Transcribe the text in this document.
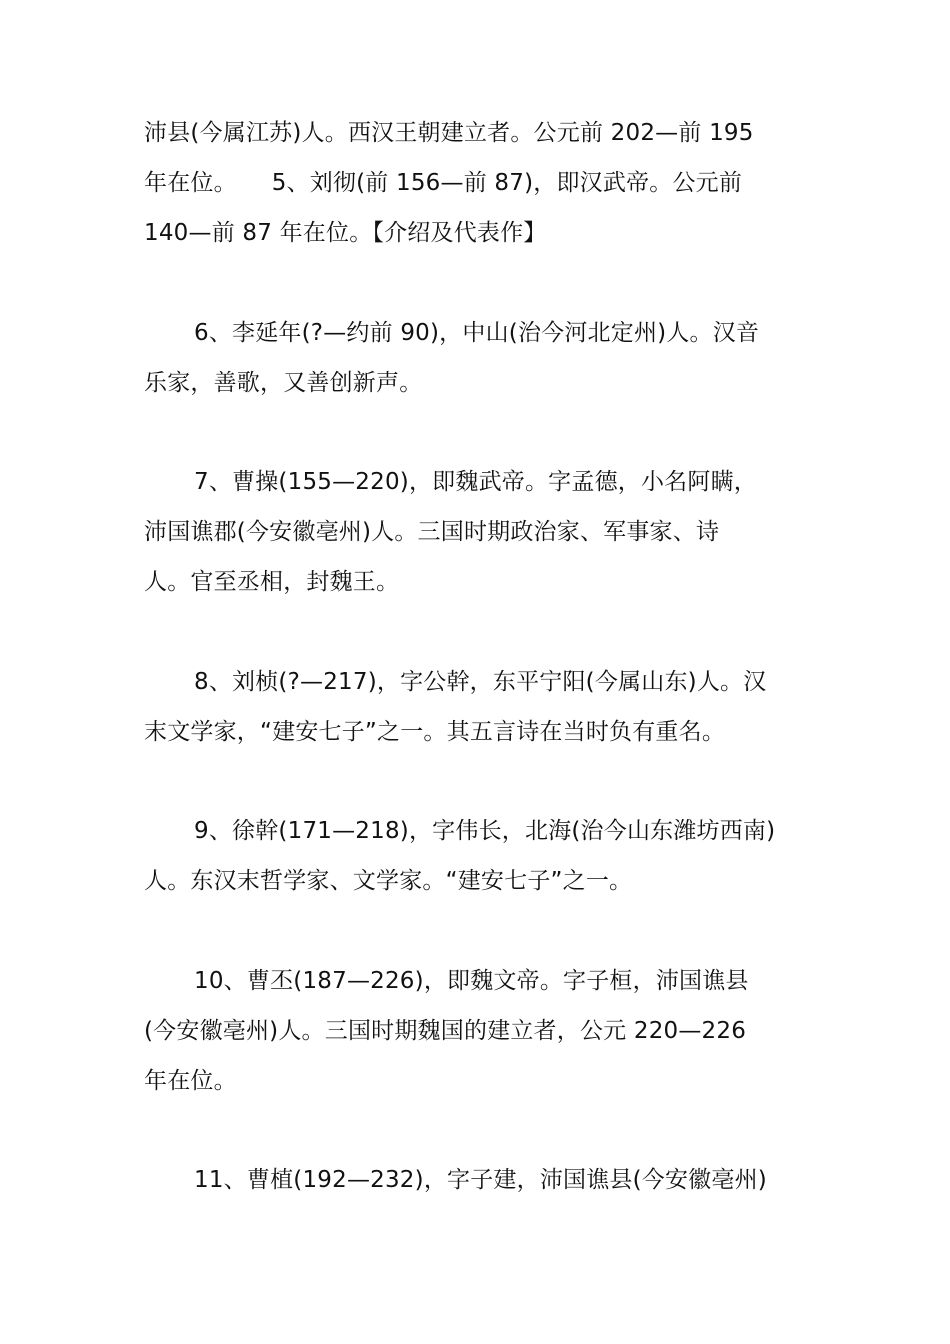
沛县(今属江苏)人。西汉王朝建立者。公元前 202—前 195
年在位。　　5、刘彻(前 156—前 87)，即汉武帝。公元前
140—前 87 年在位。【介绍及代表作】
6、李延年(?—约前 90)，中山(治今河北定州)人。汉音
乐家，善歌，又善创新声。
7、曹操(155—220)，即魏武帝。字孟德，小名阿瞒，
沛国谯郡(今安徽亳州)人。三国时期政治家、军事家、诗
人。官至丞相，封魏王。
8、刘桢(?—217)，字公幹，东平宁阳(今属山东)人。汉
末文学家，“建安七子”之一。其五言诗在当时负有重名。
9、徐幹(171—218)，字伟长，北海(治今山东潍坊西南)
人。东汉末哲学家、文学家。“建安七子”之一。
10、曹丕(187—226)，即魏文帝。字子桓，沛国谯县
(今安徽亳州)人。三国时期魏国的建立者，公元 220—226
年在位。
11、曹植(192—232)，字子建，沛国谯县(今安徽亳州)
